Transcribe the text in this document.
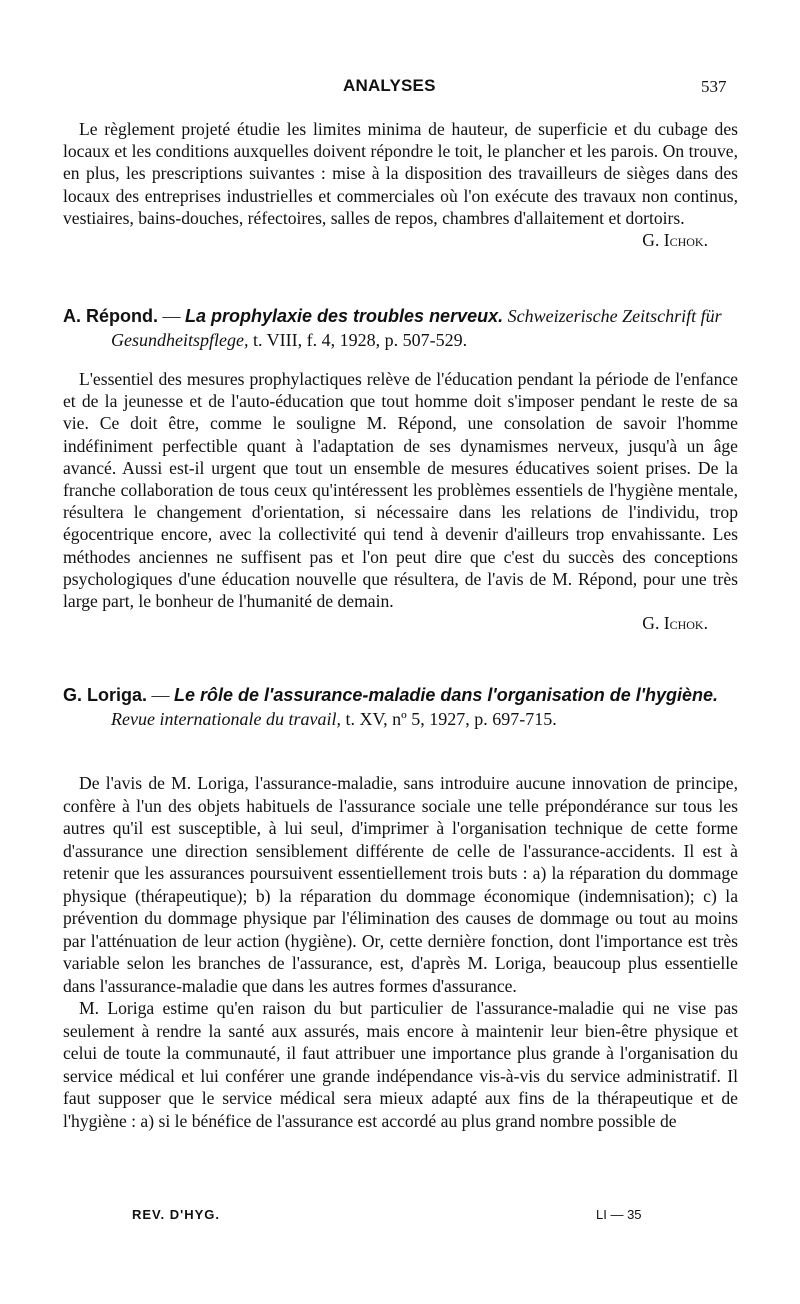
ANALYSES	537

Le règlement projeté étudie les limites minima de hauteur, de superficie et du cubage des locaux et les conditions auxquelles doivent répondre le toit, le plancher et les parois. On trouve, en plus, les prescriptions suivantes : mise à la disposition des travailleurs de sièges dans des locaux des entreprises industrielles et commerciales où l'on exécute des travaux non continus, vestiaires, bains-douches, réfectoires, salles de repos, chambres d'allaitement et dortoirs.

G. Ichok.

A. Répond. — La prophylaxie des troubles nerveux. Schweizerische Zeitschrift für Gesundheitspflege, t. VIII, f. 4, 1928, p. 507-529.

L'essentiel des mesures prophylactiques relève de l'éducation pendant la période de l'enfance et de la jeunesse et de l'auto-éducation que tout homme doit s'imposer pendant le reste de sa vie. Ce doit être, comme le souligne M. Répond, une consolation de savoir l'homme indéfiniment perfectible quant à l'adaptation de ses dynamismes nerveux, jusqu'à un âge avancé. Aussi est-il urgent que tout un ensemble de mesures éducatives soient prises. De la franche collaboration de tous ceux qu'intéressent les problèmes essentiels de l'hygiène mentale, résultera le changement d'orientation, si nécessaire dans les relations de l'individu, trop égocentrique encore, avec la collectivité qui tend à devenir d'ailleurs trop envahissante. Les méthodes anciennes ne suffisent pas et l'on peut dire que c'est du succès des conceptions psychologiques d'une éducation nouvelle que résultera, de l'avis de M. Répond, pour une très large part, le bonheur de l'humanité de demain.

G. Ichok.

G. Loriga. — Le rôle de l'assurance-maladie dans l'organisation de l'hygiène. Revue internationale du travail, t. XV, nº 5, 1927, p. 697-715.

De l'avis de M. Loriga, l'assurance-maladie, sans introduire aucune innovation de principe, confère à l'un des objets habituels de l'assurance sociale une telle prépondérance sur tous les autres qu'il est susceptible, à lui seul, d'imprimer à l'organisation technique de cette forme d'assurance une direction sensiblement différente de celle de l'assurance-accidents. Il est à retenir que les assurances poursuivent essentiellement trois buts : a) la réparation du dommage physique (thérapeutique); b) la réparation du dommage économique (indemnisation); c) la prévention du dommage physique par l'élimination des causes de dommage ou tout au moins par l'atténuation de leur action (hygiène). Or, cette dernière fonction, dont l'importance est très variable selon les branches de l'assurance, est, d'après M. Loriga, beaucoup plus essentielle dans l'assurance-maladie que dans les autres formes d'assurance.

M. Loriga estime qu'en raison du but particulier de l'assurance-maladie qui ne vise pas seulement à rendre la santé aux assurés, mais encore à maintenir leur bien-être physique et celui de toute la communauté, il faut attribuer une importance plus grande à l'organisation du service médical et lui conférer une grande indépendance vis-à-vis du service administratif. Il faut supposer que le service médical sera mieux adapté aux fins de la thérapeutique et de l'hygiène : a) si le bénéfice de l'assurance est accordé au plus grand nombre possible de

REV. D'HYG.	LI — 35
